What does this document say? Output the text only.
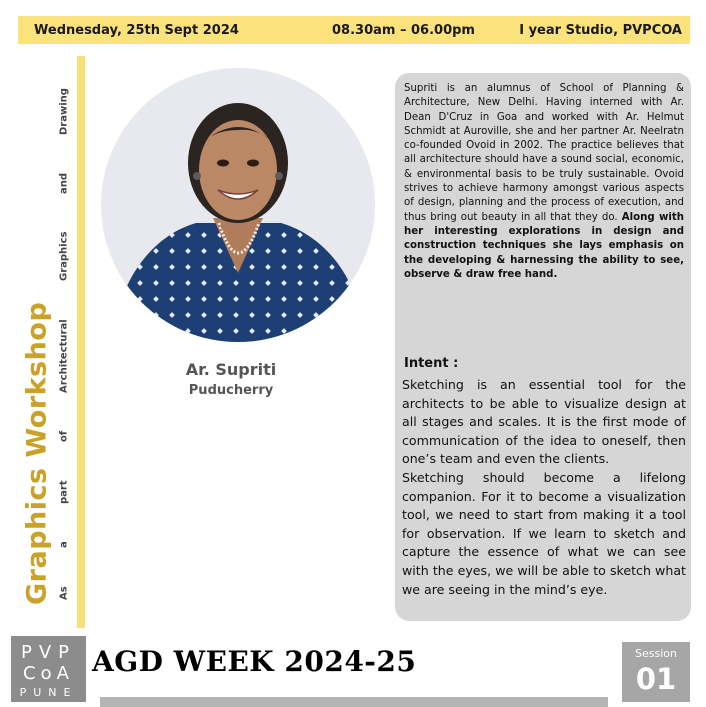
Wednesday, 25th Sept 2024	08.30am – 06.00pm	I year Studio, PVPCOA
Graphics Workshop As
a
part
of
Architectural
Graphics
and
Drawing
Ar. Supriti
Puducherry
Supriti is an alumnus of School of Planning & Architecture, New Delhi. Having interned with Ar. Dean D'Cruz in Goa and worked with Ar. Helmut Schmidt at Auroville, she and her partner Ar. Neelratn co-founded Ovoid in 2002. The practice believes that all architecture should have a sound social, economic, & environmental basis to be truly sustainable. Ovoid strives to achieve harmony amongst various aspects of design, planning and the process of execution, and thus bring out beauty in all that they do. Along with her interesting explorations in design and construction techniques she lays emphasis on the developing & harnessing the ability to see, observe & draw free hand.
Intent :

Sketching is an essential tool for the architects to be able to visualize design at all stages and scales. It is the first mode of communication of the idea to oneself, then one’s team and even the clients.

Sketching should become a lifelong companion. For it to become a visualization tool, we need to start from making it a tool for observation. If we learn to sketch and capture the essence of what we can see with the eyes, we will be able to sketch what we are seeing in the mind’s eye.

PVP
CoA
PUNE
AGD WEEK 2024-25	Session
01
